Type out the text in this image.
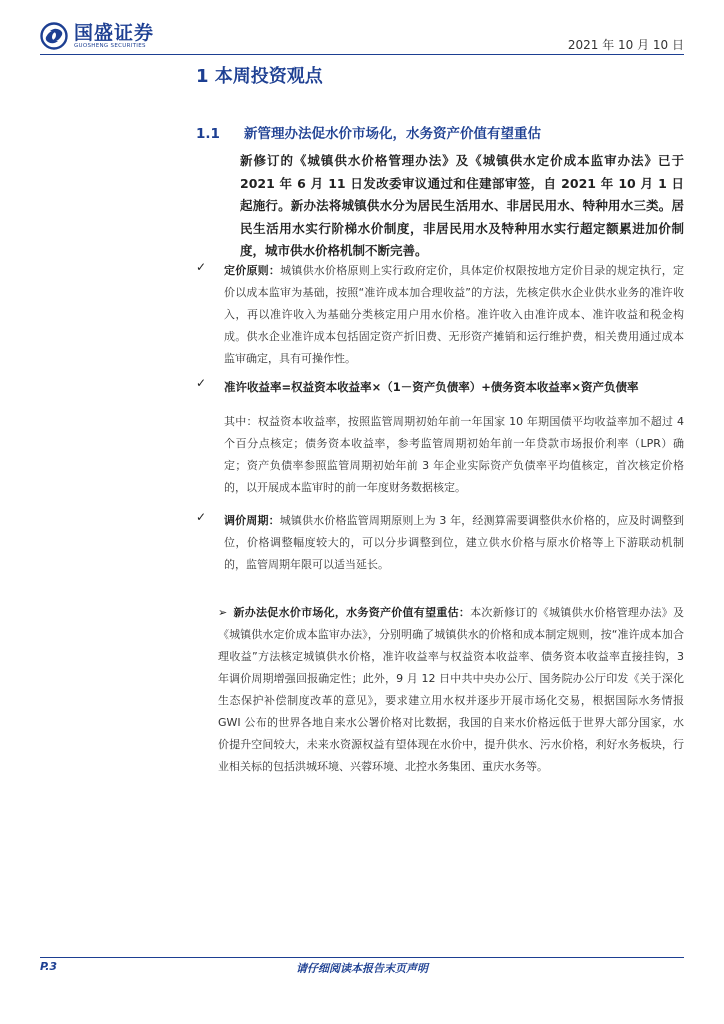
国盛证券
GUOSHENG SECURITIES	2021 年 10 月 10 日
1 本周投资观点
1.1 新管理办法促水价市场化，水务资产价值有望重估
新修订的《城镇供水价格管理办法》及《城镇供水定价成本监审办法》已于 2021 年 6 月 11 日发改委审议通过和住建部审签，自 2021 年 10 月 1 日起施行。新办法将城镇供水分为居民生活用水、非居民用水、特种用水三类。居民生活用水实行阶梯水价制度，非居民用水及特种用水实行超定额累进加价制度，城市供水价格机制不断完善。
✓ 定价原则：城镇供水价格原则上实行政府定价，具体定价权限按地方定价目录的规定执行，定价以成本监审为基础，按照“准许成本加合理收益”的方法，先核定供水企业供水业务的准许收入，再以准许收入为基础分类核定用户用水价格。准许收入由准许成本、准许收益和税金构成。供水企业准许成本包括固定资产折旧费、无形资产摊销和运行维护费，相关费用通过成本监审确定，具有可操作性。
✓ 准许收益率=权益资本收益率×（1－资产负债率）+债务资本收益率×资产负债率
其中：权益资本收益率，按照监管周期初始年前一年国家 10 年期国债平均收益率加不超过 4 个百分点核定；债务资本收益率，参考监管周期初始年前一年贷款市场报价利率（LPR）确定；资产负债率参照监管周期初始年前 3 年企业实际资产负债率平均值核定，首次核定价格的，以开展成本监审时的前一年度财务数据核定。
✓ 调价周期：城镇供水价格监管周期原则上为 3 年，经测算需要调整供水价格的，应及时调整到位，价格调整幅度较大的，可以分步调整到位，建立供水价格与原水价格等上下游联动机制的，监管周期年限可以适当延长。
➢ 新办法促水价市场化，水务资产价值有望重估：本次新修订的《城镇供水价格管理办法》及《城镇供水定价成本监审办法》，分别明确了城镇供水的价格和成本制定规则，按“准许成本加合理收益”方法核定城镇供水价格，准许收益率与权益资本收益率、债务资本收益率直接挂钩，3 年调价周期增强回报确定性；此外，9 月 12 日中共中央办公厅、国务院办公厅印发《关于深化生态保护补偿制度改革的意见》，要求建立用水权并逐步开展市场化交易，根据国际水务情报 GWI 公布的世界各地自来水公署价格对比数据，我国的自来水价格远低于世界大部分国家，水价提升空间较大，未来水资源权益有望体现在水价中，提升供水、污水价格，利好水务板块，行业相关标的包括洪城环境、兴蓉环境、北控水务集团、重庆水务等。
请仔细阅读本报告末页声明
P.3
